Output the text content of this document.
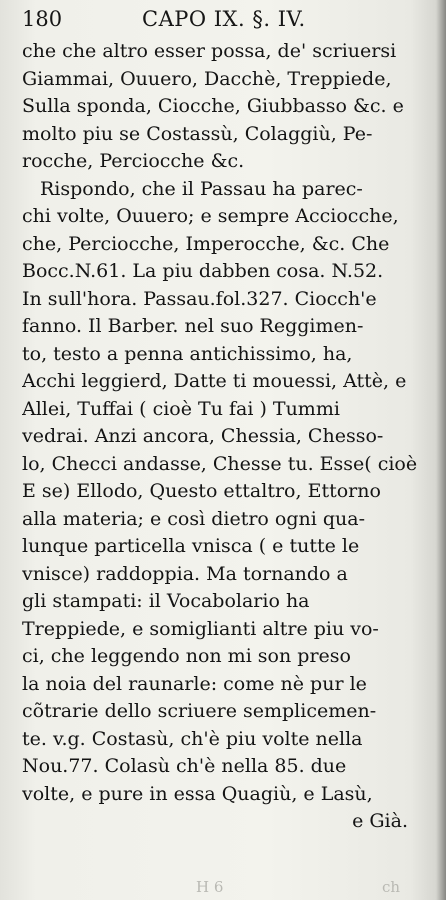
180	CAPO IX. §. IV.
che che altro esser possa, de' scriuersi
Giammai, Ouuero, Dacchè, Treppiede,
Sulla sponda, Ciocche, Giubbasso &c. e
molto piu se Costassù, Colaggiù, Pe-
rocche, Perciocche &c.
Rispondo, che il Passau ha parec-
chi volte, Ouuero; e sempre Acciocche,
che, Perciocche, Imperocche, &c. Che
Bocc.N.61. La piu dabben cosa. N.52.
In sull'hora. Passau.fol.327. Ciocch'e
fanno. Il Barber. nel suo Reggimen-
to, testo a penna antichissimo, ha,
Acchi leggierd, Datte ti mouessi, Attè, e
Allei, Tuffai ( cioè Tu fai ) Tummi
vedrai. Anzi ancora, Chessia, Chesso-
lo, Checci andasse, Chesse tu. Esse( cioè
E se) Ellodo, Questo ettaltro, Ettorno
alla materia; e così dietro ogni qua-
lunque particella vnisca ( e tutte le
vnisce) raddoppia. Ma tornando a
gli stampati: il Vocabolario ha
Treppiede, e somiglianti altre piu vo-
ci, che leggendo non mi son preso
la noia del raunarle: come nè pur le
cõtrarie dello scriuere semplicemen-
te. v.g. Costasù, ch'è piu volte nella
Nou.77. Colasù ch'è nella 85. due
volte, e pure in essa Quagiù, e Lasù,
e Già.
H 6	ch
